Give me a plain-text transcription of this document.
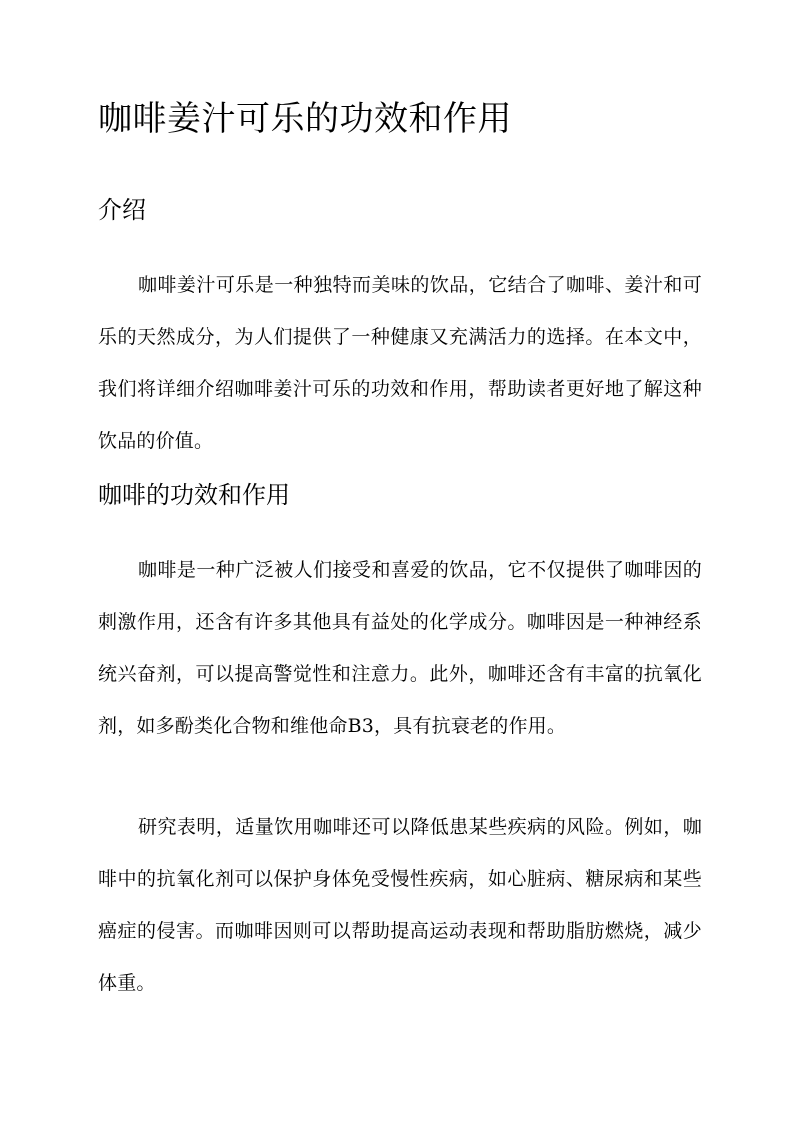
咖啡姜汁可乐的功效和作用
介绍

咖啡姜汁可乐是一种独特而美味的饮品，它结合了咖啡、姜汁和可乐的天然成分，为人们提供了一种健康又充满活力的选择。在本文中，我们将详细介绍咖啡姜汁可乐的功效和作用，帮助读者更好地了解这种饮品的价值。

咖啡的功效和作用

咖啡是一种广泛被人们接受和喜爱的饮品，它不仅提供了咖啡因的刺激作用，还含有许多其他具有益处的化学成分。咖啡因是一种神经系统兴奋剂，可以提高警觉性和注意力。此外，咖啡还含有丰富的抗氧化剂，如多酚类化合物和维他命B3，具有抗衰老的作用。

研究表明，适量饮用咖啡还可以降低患某些疾病的风险。例如，咖啡中的抗氧化剂可以保护身体免受慢性疾病，如心脏病、糖尿病和某些癌症的侵害。而咖啡因则可以帮助提高运动表现和帮助脂肪燃烧，减少体重。
